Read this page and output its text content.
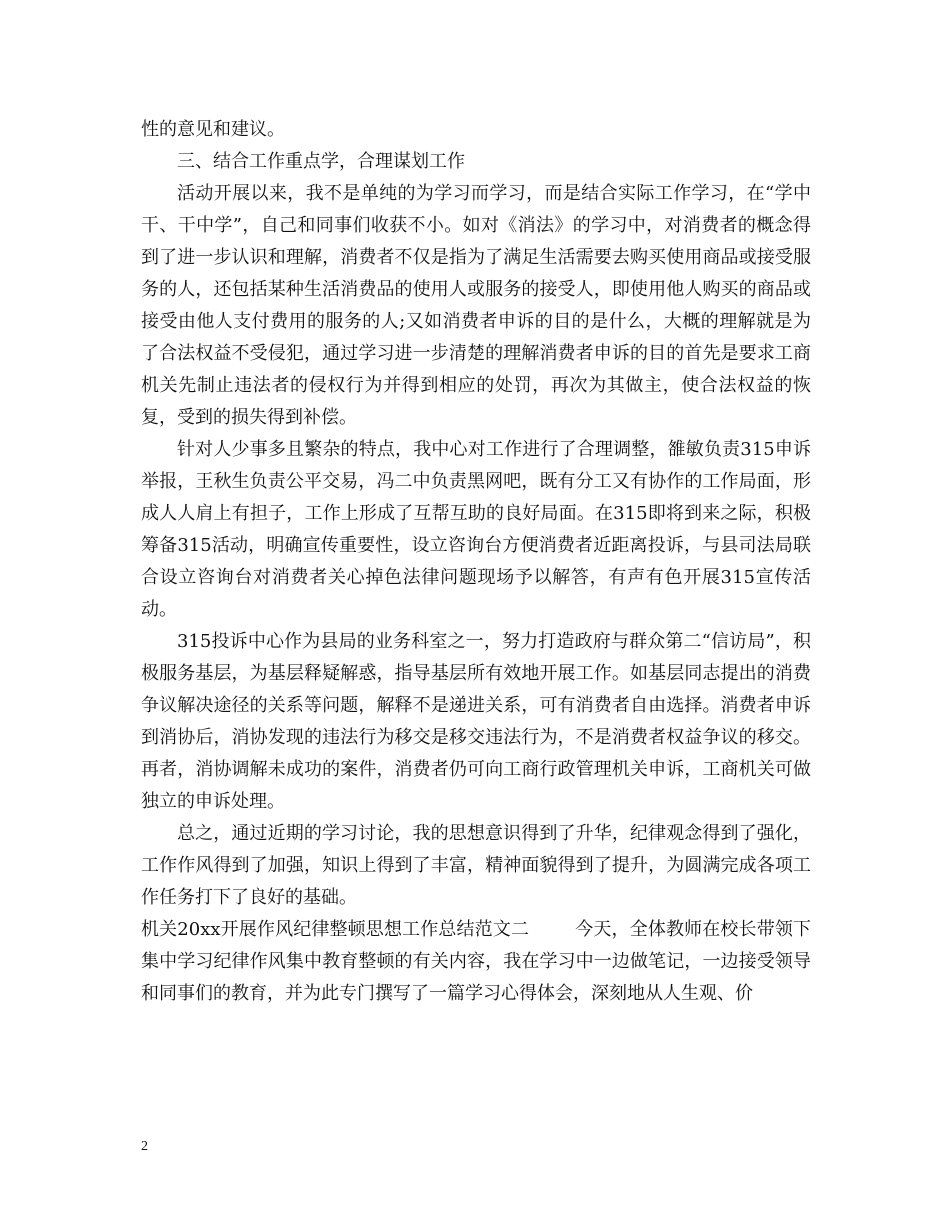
性的意见和建议。

三、结合工作重点学，合理谋划工作

活动开展以来，我不是单纯的为学习而学习，而是结合实际工作学习，在“学中干、干中学”，自己和同事们收获不小。如对《消法》的学习中，对消费者的概念得到了进一步认识和理解，消费者不仅是指为了满足生活需要去购买使用商品或接受服务的人，还包括某种生活消费品的使用人或服务的接受人，即使用他人购买的商品或接受由他人支付费用的服务的人;又如消费者申诉的目的是什么，大概的理解就是为了合法权益不受侵犯，通过学习进一步清楚的理解消费者申诉的目的首先是要求工商机关先制止违法者的侵权行为并得到相应的处罚，再次为其做主，使合法权益的恢复，受到的损失得到补偿。

针对人少事多且繁杂的特点，我中心对工作进行了合理调整，雒敏负责315申诉举报，王秋生负责公平交易，冯二中负责黑网吧，既有分工又有协作的工作局面，形成人人肩上有担子，工作上形成了互帮互助的良好局面。在315即将到来之际，积极筹备315活动，明确宣传重要性，设立咨询台方便消费者近距离投诉，与县司法局联合设立咨询台对消费者关心掉色法律问题现场予以解答，有声有色开展315宣传活动。

315投诉中心作为县局的业务科室之一，努力打造政府与群众第二“信访局”，积极服务基层，为基层释疑解惑，指导基层所有效地开展工作。如基层同志提出的消费争议解决途径的关系等问题，解释不是递进关系，可有消费者自由选择。消费者申诉到消协后，消协发现的违法行为移交是移交违法行为，不是消费者权益争议的移交。再者，消协调解未成功的案件，消费者仍可向工商行政管理机关申诉，工商机关可做独立的申诉处理。

总之，通过近期的学习讨论，我的思想意识得到了升华，纪律观念得到了强化，工作作风得到了加强，知识上得到了丰富，精神面貌得到了提升，为圆满完成各项工作任务打下了良好的基础。

机关20xx开展作风纪律整顿思想工作总结范文二	今天，全体教师在校长带领下集中学习纪律作风集中教育整顿的有关内容，我在学习中一边做笔记，一边接受领导和同事们的教育，并为此专门撰写了一篇学习心得体会，深刻地从人生观、价

2
